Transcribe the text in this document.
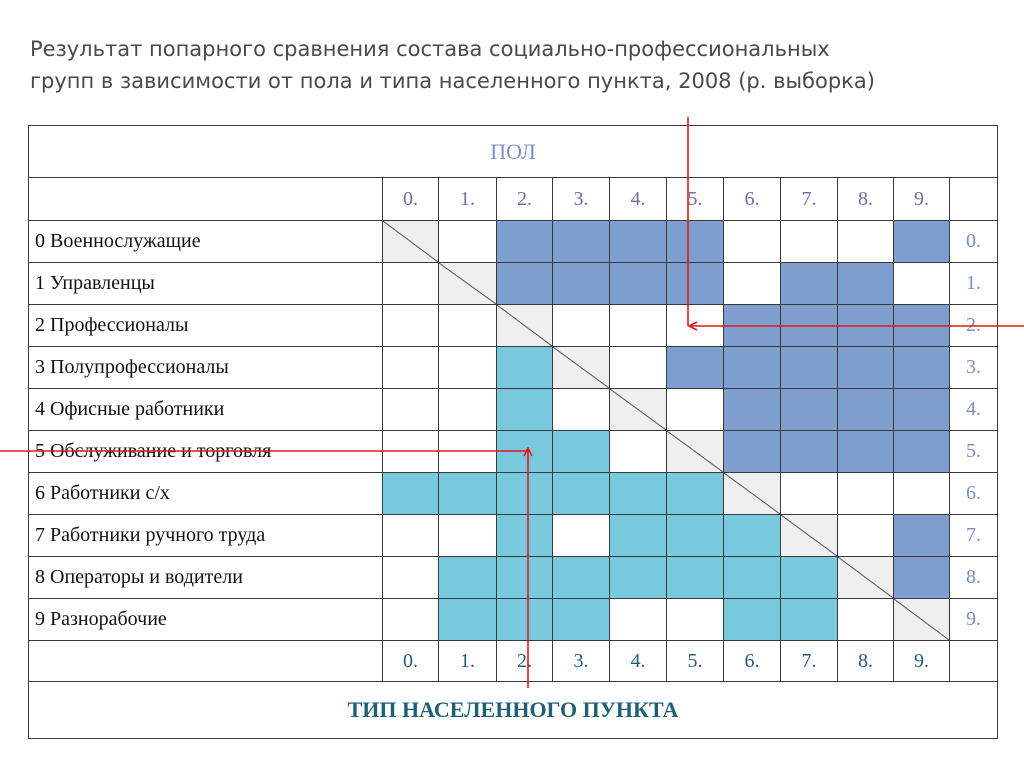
Результат попарного сравнения состава социально-профессиональных
групп в зависимости от пола и типа населенного пункта, 2008 (р. выборка)
ПОЛ											
	0.	1.	2.	3.	4.	5.	6.	7.	8.	9.	
0 Военнослужащие											0.
1 Управленцы											1.
2 Профессионалы											2.
3 Полупрофессионалы											3.
4 Офисные работники											4.
5 Обслуживание и торговля											5.
6 Работники с/х											6.
7 Работники ручного труда											7.
8 Операторы и водители											8.
9 Разнорабочие											9.
	0.	1.	2.	3.	4.	5.	6.	7.	8.	9.	
ТИП НАСЕЛЕННОГО ПУНКТА											
